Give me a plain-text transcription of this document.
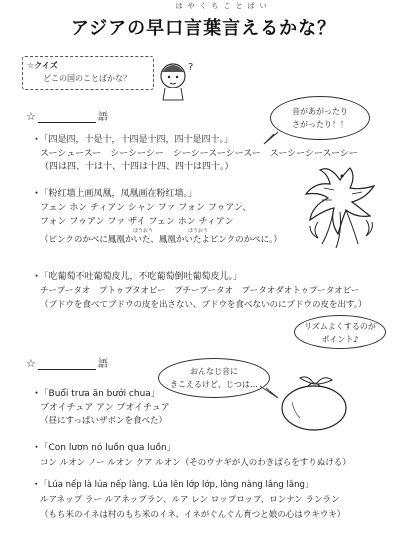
はやくちことばい
アジアの早口言葉言えるかな？
☆クイズ
どこの国のことばかな？
?
☆	語
音があがったり
さがったり！！
・ 「四是四，十是十，十四是十四，四十是四十。」
スーシュースー　シーシーシー　シーシースーシースー　スーシーシースーシー
（四は四、十は十、十四は十四、四十は四十。）
・ 「粉红墙上画凤凰，凤凰画在粉红墙。」
フェン ホン チィアン シャン ファ フォン フゥアン、
フォン フゥアン ファ ザイ フェン ホン チィアン
ほうおう	ほうおう
（ピンクのかべに鳳凰かいた、鳳凰かいたよピンクのかべに。）
・ 「吃葡萄不吐葡萄皮儿，不吃葡萄倒吐葡萄皮儿。」
チープータオ　プトゥプタオピー　プチープータオ　プータオダオトゥプータオピー
（ブドウを食べてブドウの皮を出さない、ブドウを食べないのにブドウの皮を出す。）
リズムよくするのが
ポイント♪
☆	語
おんなじ音に
きこえるけど、じつは…
・ 「Buổi trưa ăn bưởi chua」
ブオイチュア アン ブオイチュア
（昼にすっぱいザボンを食べた）
・ 「Con lươn nó luồn qua luồn」
コン ルオン ノー ルオン クア ルオン（そのウナギが人のわきばらをすりぬける）
・ 「Lúa nếp là lúa nếp làng. Lúa lên lớp lớp, lòng nàng lâng lâng」
ルアネップ ラー ルアネップラン、ルア レン ロップロップ、ロンナン ランラン
（もち米のイネは村のもち米のイネ、イネがぐんぐん育つと娘の心はウキウキ）
